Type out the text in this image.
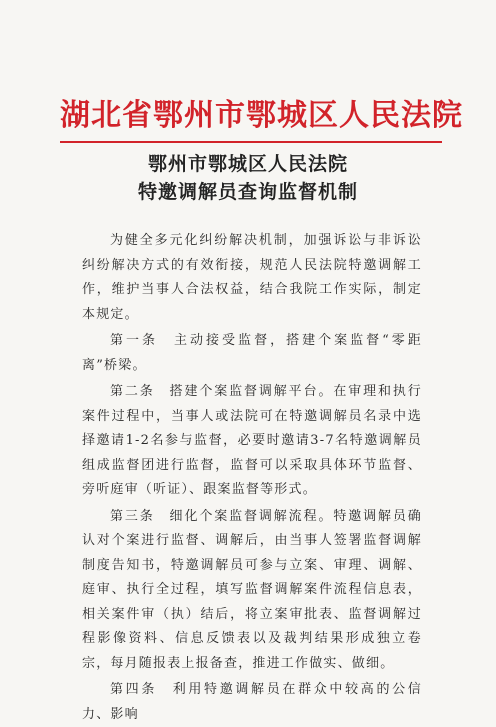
湖北省鄂州市鄂城区人民法院
鄂州市鄂城区人民法院
特邀调解员查询监督机制

为健全多元化纠纷解决机制，加强诉讼与非诉讼纠纷解决方式的有效衔接，规范人民法院特邀调解工作，维护当事人合法权益，结合我院工作实际，制定本规定。

第一条　主动接受监督，搭建个案监督“零距离”桥梁。

第二条　搭建个案监督调解平台。在审理和执行案件过程中，当事人或法院可在特邀调解员名录中选择邀请1-2名参与监督，必要时邀请3-7名特邀调解员组成监督团进行监督，监督可以采取具体环节监督、旁听庭审（听证）、跟案监督等形式。

第三条　细化个案监督调解流程。特邀调解员确认对个案进行监督、调解后，由当事人签署监督调解制度告知书，特邀调解员可参与立案、审理、调解、庭审、执行全过程，填写监督调解案件流程信息表，相关案件审（执）结后，将立案审批表、监督调解过程影像资料、信息反馈表以及裁判结果形成独立卷宗，每月随报表上报备查，推进工作做实、做细。

第四条　利用特邀调解员在群众中较高的公信力、影响
